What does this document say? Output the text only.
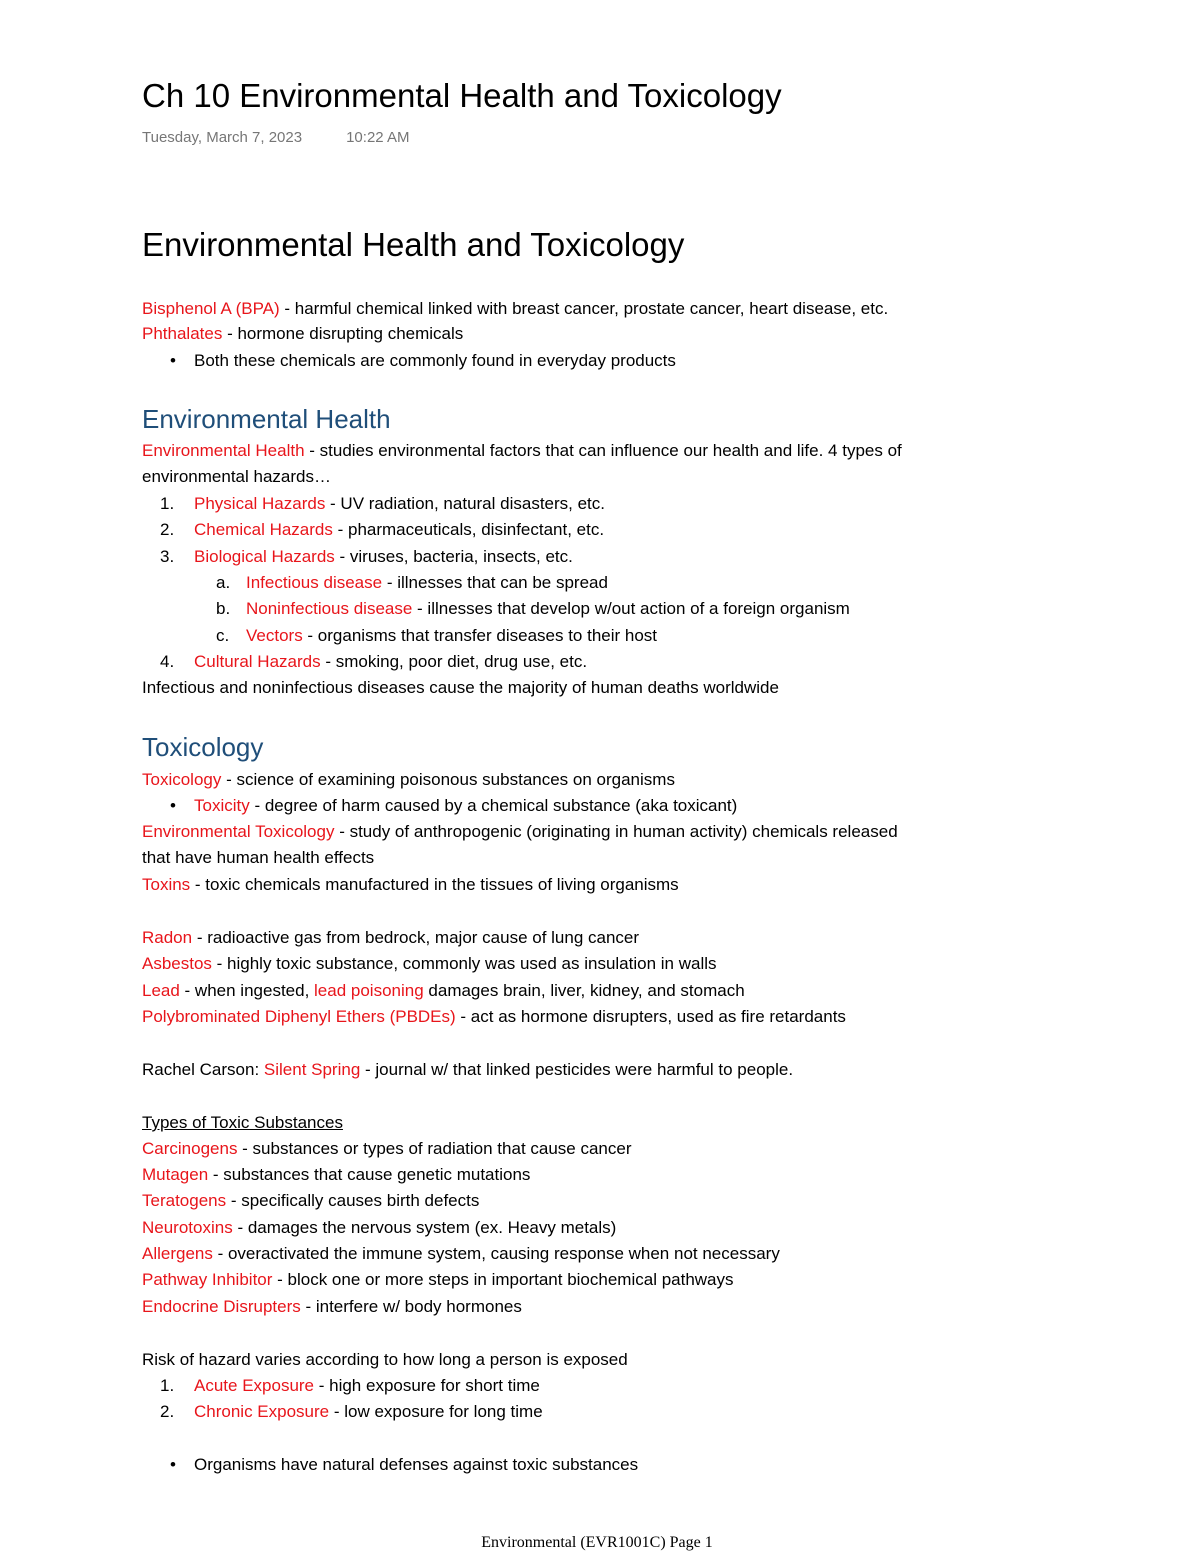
Ch 10 Environmental Health and Toxicology
Tuesday, March 7, 2023	10:22 AM
Environmental Health and Toxicology
Bisphenol A (BPA) - harmful chemical linked with breast cancer, prostate cancer, heart disease, etc.
Phthalates - hormone disrupting chemicals
• Both these chemicals are commonly found in everyday products
Environmental Health
Environmental Health - studies environmental factors that can influence our health and life. 4 types of
environmental hazards…
1. Physical Hazards - UV radiation, natural disasters, etc.
2. Chemical Hazards - pharmaceuticals, disinfectant, etc.
3. Biological Hazards - viruses, bacteria, insects, etc.
a. Infectious disease - illnesses that can be spread
b. Noninfectious disease - illnesses that develop w/out action of a foreign organism
c. Vectors - organisms that transfer diseases to their host
4. Cultural Hazards - smoking, poor diet, drug use, etc.
Infectious and noninfectious diseases cause the majority of human deaths worldwide
Toxicology
Toxicology - science of examining poisonous substances on organisms
• Toxicity - degree of harm caused by a chemical substance (aka toxicant)
Environmental Toxicology - study of anthropogenic (originating in human activity) chemicals released
that have human health effects
Toxins - toxic chemicals manufactured in the tissues of living organisms
Radon - radioactive gas from bedrock, major cause of lung cancer
Asbestos - highly toxic substance, commonly was used as insulation in walls
Lead - when ingested, lead poisoning damages brain, liver, kidney, and stomach
Polybrominated Diphenyl Ethers (PBDEs) - act as hormone disrupters, used as fire retardants
Rachel Carson: Silent Spring - journal w/ that linked pesticides were harmful to people.
Types of Toxic Substances
Carcinogens - substances or types of radiation that cause cancer
Mutagen - substances that cause genetic mutations
Teratogens - specifically causes birth defects
Neurotoxins - damages the nervous system (ex. Heavy metals)
Allergens - overactivated the immune system, causing response when not necessary
Pathway Inhibitor - block one or more steps in important biochemical pathways
Endocrine Disrupters - interfere w/ body hormones
Risk of hazard varies according to how long a person is exposed
1. Acute Exposure - high exposure for short time
2. Chronic Exposure - low exposure for long time
• Organisms have natural defenses against toxic substances
Environmental (EVR1001C) Page 1
